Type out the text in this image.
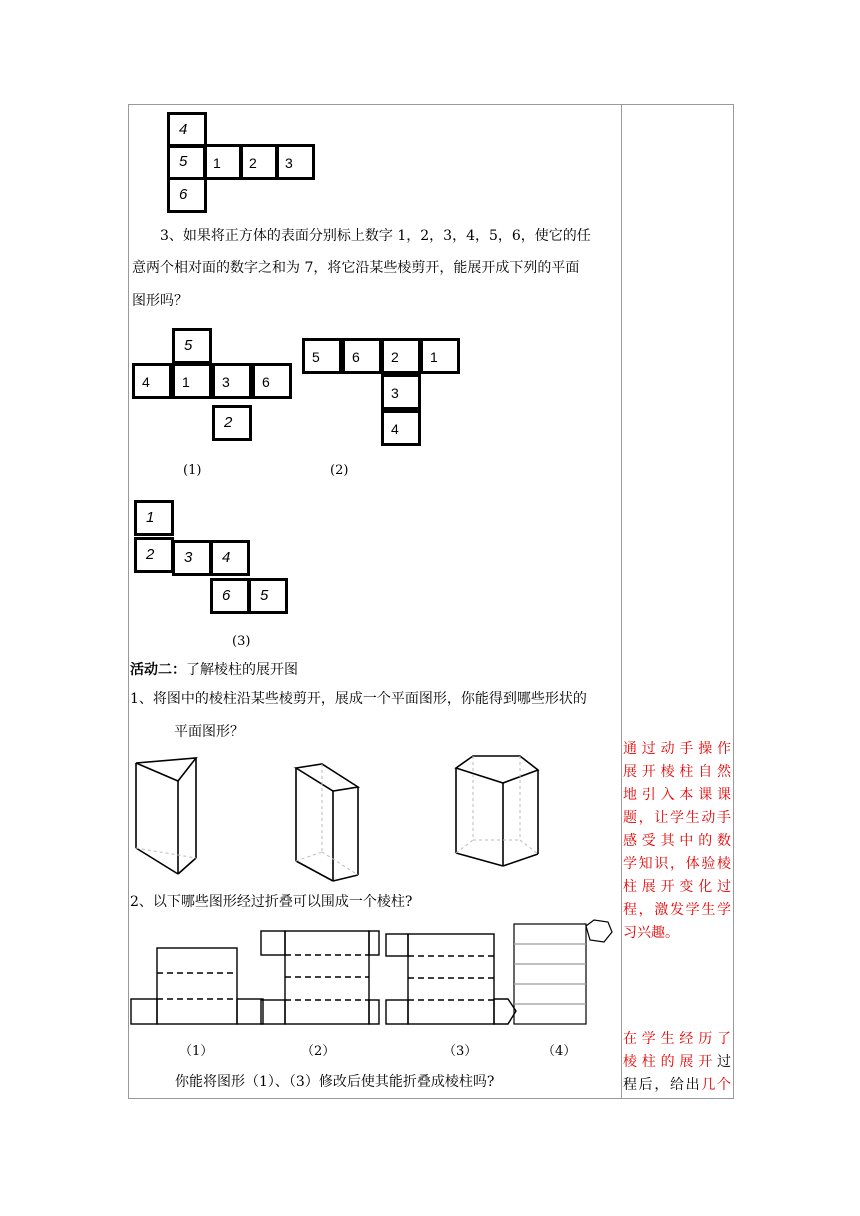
4
5 1 2 3
6
3、如果将正方体的表面分别标上数字 1，2，3，4，5，6，使它的任
意两个相对面的数字之和为 7，将它沿某些棱剪开，能展开成下列的平面
图形吗？
5
4 1 3 6
2
(1)
5 6 2 1
3
4
(2)
1
2 3 4
6 5
(3)
活动二：了解棱柱的展开图
1、将图中的棱柱沿某些棱剪开，展成一个平面图形，你能得到哪些形状的
平面图形？
2、以下哪些图形经过折叠可以围成一个棱柱?
（1）	（2）	（3）	（4）
你能将图形（1）、（3）修改后使其能折叠成棱柱吗?
通过动手操作
展开棱柱自然
地引入本课课
题，让学生动手
感受其中的数
学知识，体验棱
柱展开变化过
程，激发学生学
习兴趣。
在学生经历了
棱柱的展开过
程后，给出几个
